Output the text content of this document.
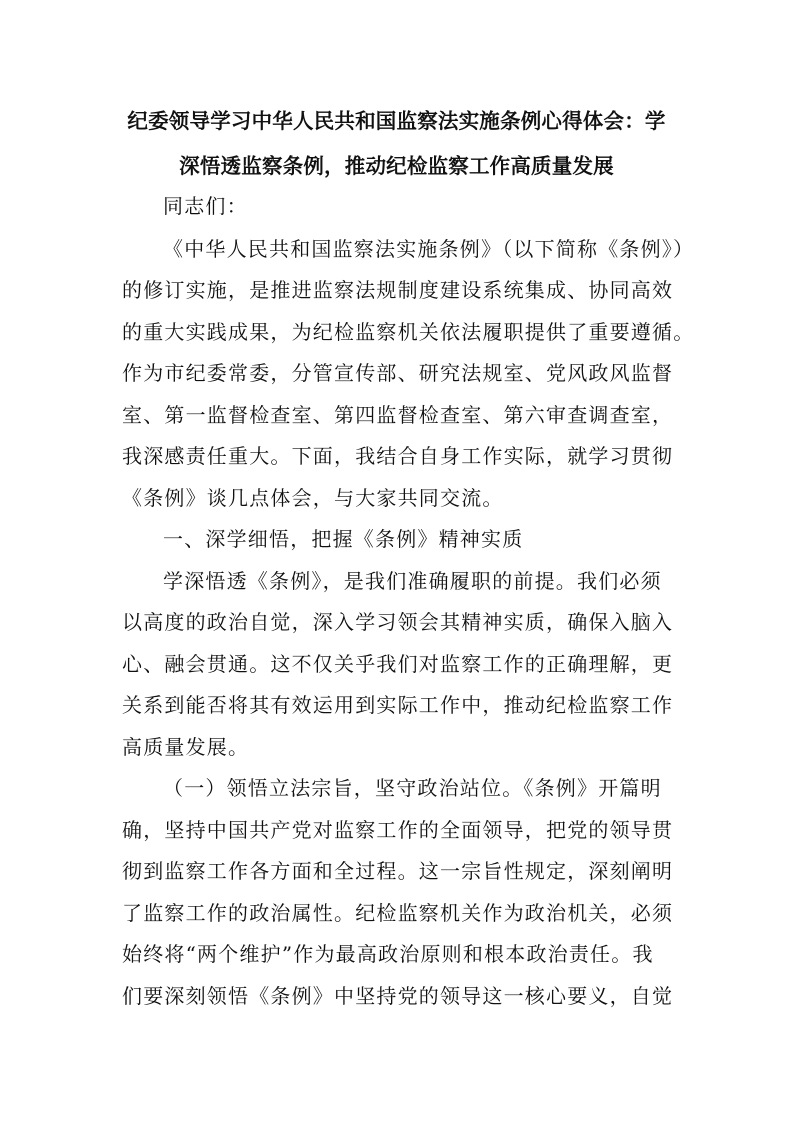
纪委领导学习中华人民共和国监察法实施条例心得体会：学
深悟透监察条例，推动纪检监察工作高质量发展
同志们：
《中华人民共和国监察法实施条例》（以下简称《条例》）
的修订实施，是推进监察法规制度建设系统集成、协同高效
的重大实践成果，为纪检监察机关依法履职提供了重要遵循。
作为市纪委常委，分管宣传部、研究法规室、党风政风监督
室、第一监督检查室、第四监督检查室、第六审查调查室，
我深感责任重大。下面，我结合自身工作实际，就学习贯彻
《条例》谈几点体会，与大家共同交流。
一、深学细悟，把握《条例》精神实质
学深悟透《条例》，是我们准确履职的前提。我们必须
以高度的政治自觉，深入学习领会其精神实质，确保入脑入
心、融会贯通。这不仅关乎我们对监察工作的正确理解，更
关系到能否将其有效运用到实际工作中，推动纪检监察工作
高质量发展。
（一）领悟立法宗旨，坚守政治站位。《条例》开篇明
确，坚持中国共产党对监察工作的全面领导，把党的领导贯
彻到监察工作各方面和全过程。这一宗旨性规定，深刻阐明
了监察工作的政治属性。纪检监察机关作为政治机关，必须
始终将“两个维护”作为最高政治原则和根本政治责任。我
们要深刻领悟《条例》中坚持党的领导这一核心要义，自觉
